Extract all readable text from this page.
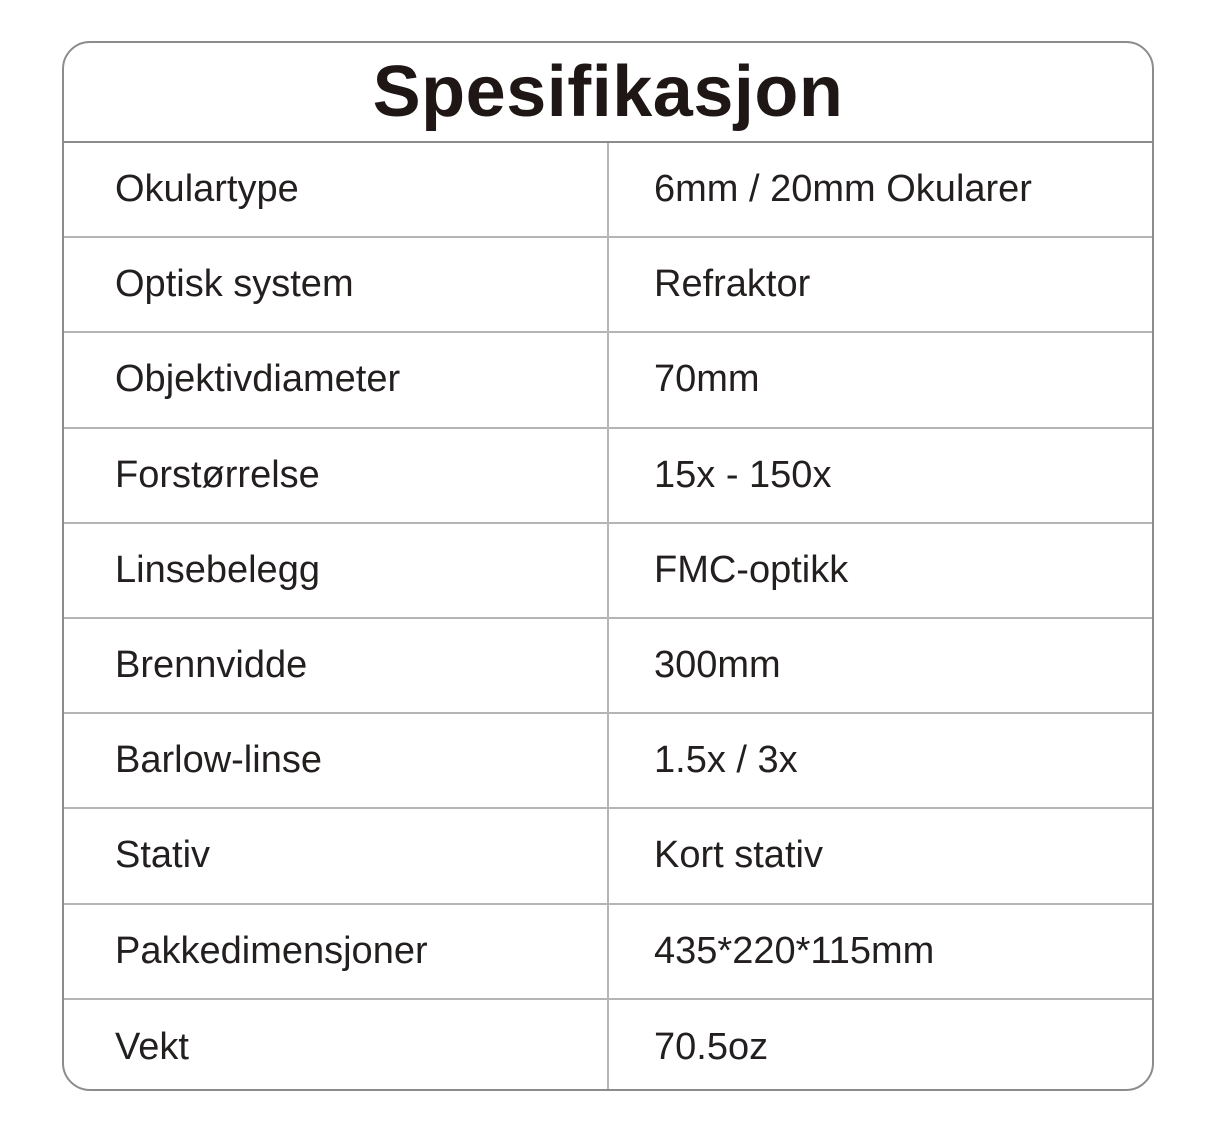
Spesifikasjon
Okulartype	6mm / 20mm Okularer
Optisk system	Refraktor
Objektivdiameter	70mm
Forstørrelse	15x - 150x
Linsebelegg	FMC-optikk
Brennvidde	300mm
Barlow-linse	1.5x / 3x
Stativ	Kort stativ
Pakkedimensjoner	435*220*115mm
Vekt	70.5oz
